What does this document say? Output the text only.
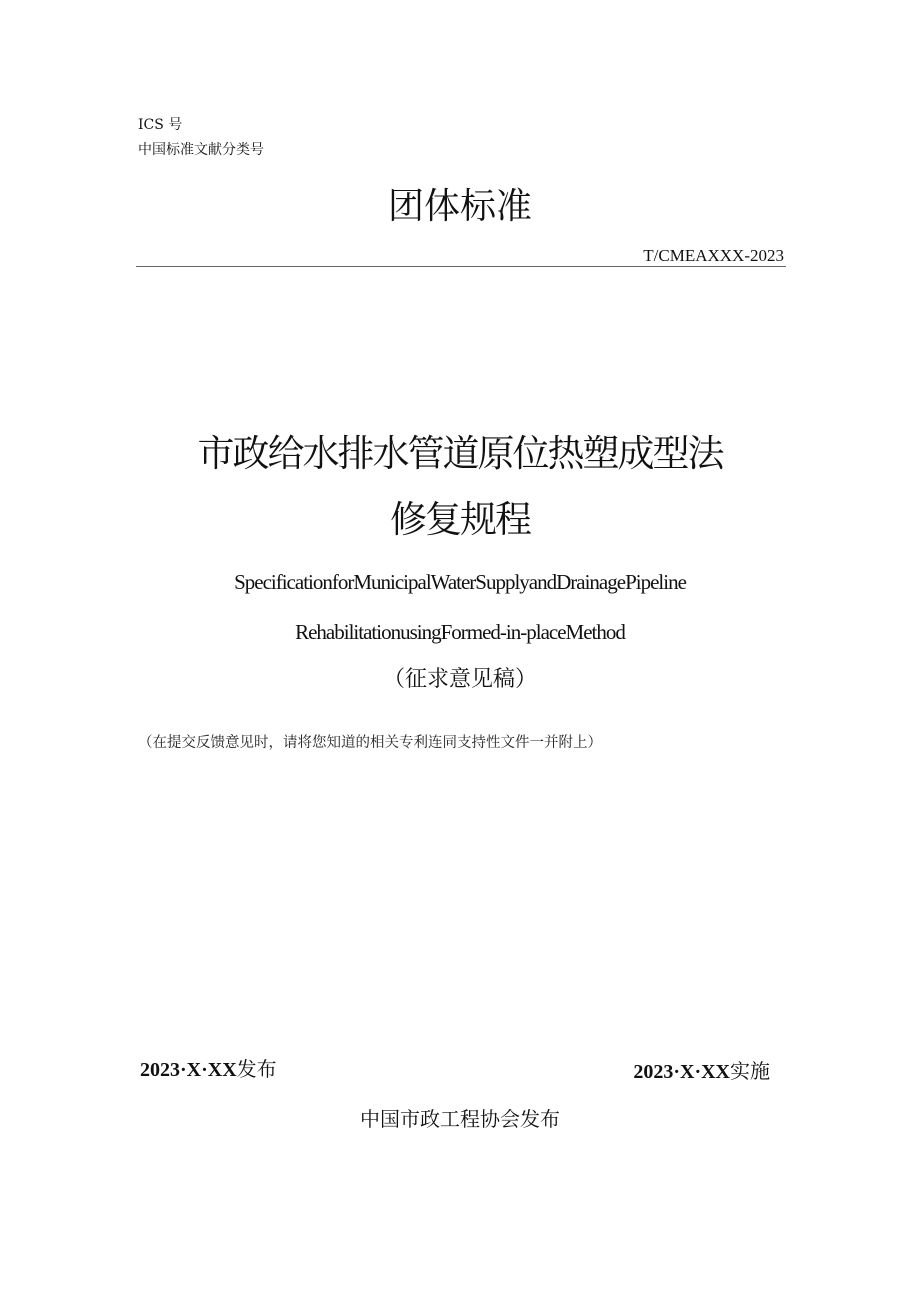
ICS 号
中国标准文献分类号
团体标准
T/CMEAXXX-2023
市政给水排水管道原位热塑成型法
修复规程
SpecificationforMunicipalWaterSupplyandDrainagePipeline
RehabilitationusingFormed-in-placeMethod
（征求意见稿）
（在提交反馈意见时，请将您知道的相关专利连同支持性文件一并附上）
2023·X·XX发布	2023·X·XX实施
中国市政工程协会发布
